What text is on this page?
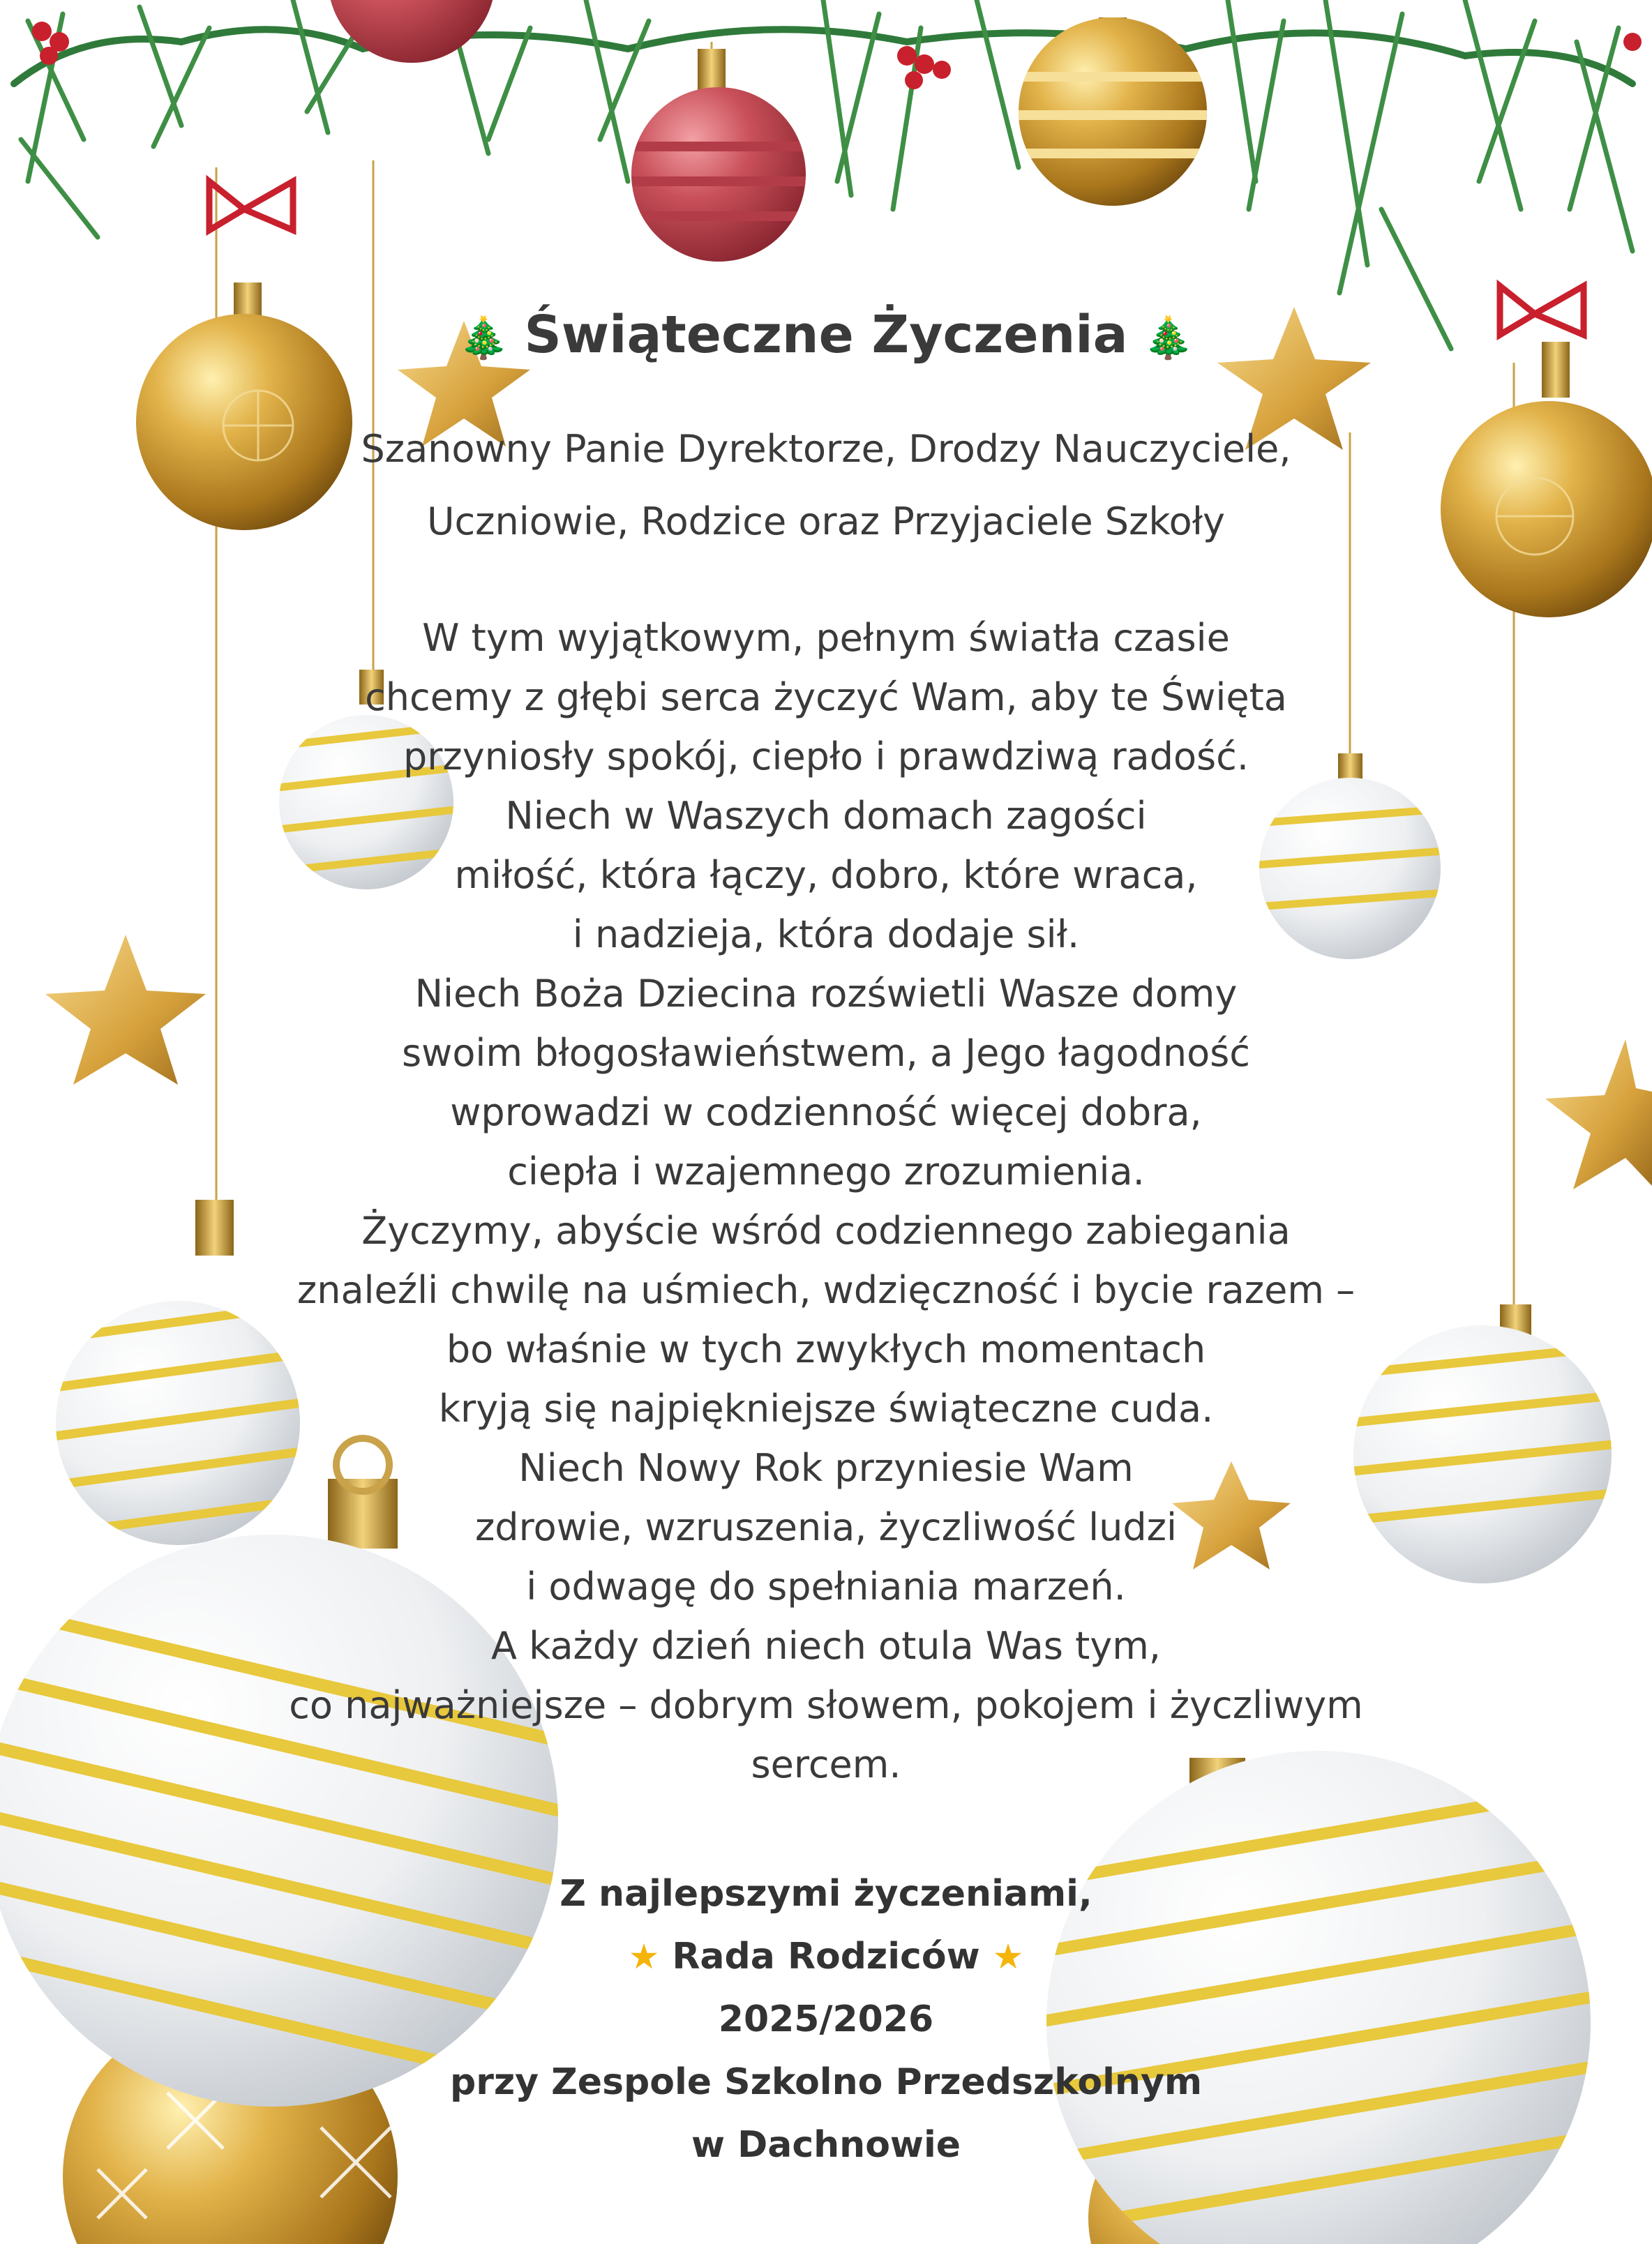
🎄 Świąteczne Życzenia 🎄

Szanowny Panie Dyrektorze, Drodzy Nauczyciele,

Uczniowie, Rodzice oraz Przyjaciele Szkoły

W tym wyjątkowym, pełnym światła czasie

chcemy z głębi serca życzyć Wam, aby te Święta

przyniosły spokój, ciepło i prawdziwą radość.

Niech w Waszych domach zagości

miłość, która łączy, dobro, które wraca,

i nadzieja, która dodaje sił.

Niech Boża Dziecina rozświetli Wasze domy

swoim błogosławieństwem, a Jego łagodność

wprowadzi w codzienność więcej dobra,

ciepła i wzajemnego zrozumienia.

Życzymy, abyście wśród codziennego zabiegania

znaleźli chwilę na uśmiech, wdzięczność i bycie razem –

bo właśnie w tych zwykłych momentach

kryją się najpiękniejsze świąteczne cuda.

Niech Nowy Rok przyniesie Wam

zdrowie, wzruszenia, życzliwość ludzi

i odwagę do spełniania marzeń.

A każdy dzień niech otula Was tym,

co najważniejsze – dobrym słowem, pokojem i życzliwym

sercem.

Z najlepszymi życzeniami,

★ Rada Rodziców ★

2025/2026

przy Zespole Szkolno Przedszkolnym

w Dachnowie
